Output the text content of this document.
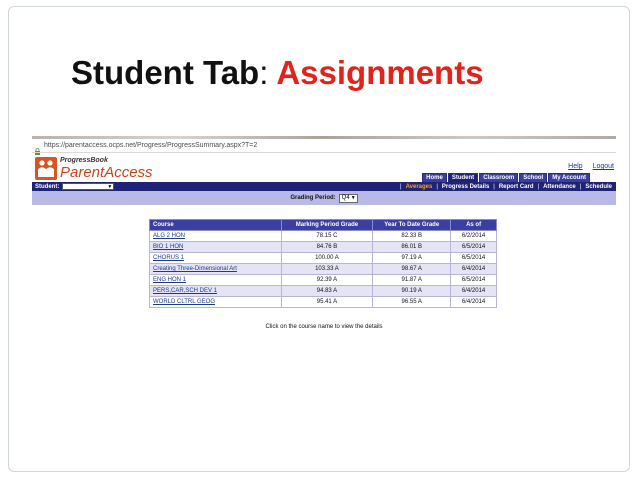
Student Tab: Assignments
https://parentaccess.ocps.net/Progress/ProgressSummary.aspx?T=2
ProgressBook
ParentAccess	Help Logout
Home	Student	Classroom	School	My Account
Student:	▼	| Averages | Progress Details | Report Card | Attendance | Schedule
Grading Period:	Q4 ▼
Course	Marking Period Grade	Year To Date Grade	As of
ALG 2 HON	78.15 C	82.33 B	6/2/2014
BIO 1 HON	84.76 B	86.01 B	6/5/2014
CHORUS 1	100.00 A	97.19 A	6/5/2014
Creating Three-Dimensional Art	103.33 A	98.67 A	6/4/2014
ENG HON 1	92.39 A	91.87 A	6/5/2014
PERS,CAR,SCH DEV 1	94.83 A	90.19 A	6/4/2014
WORLD CLTRL GEOG	95.41 A	96.55 A	6/4/2014
Click on the course name to view the details
